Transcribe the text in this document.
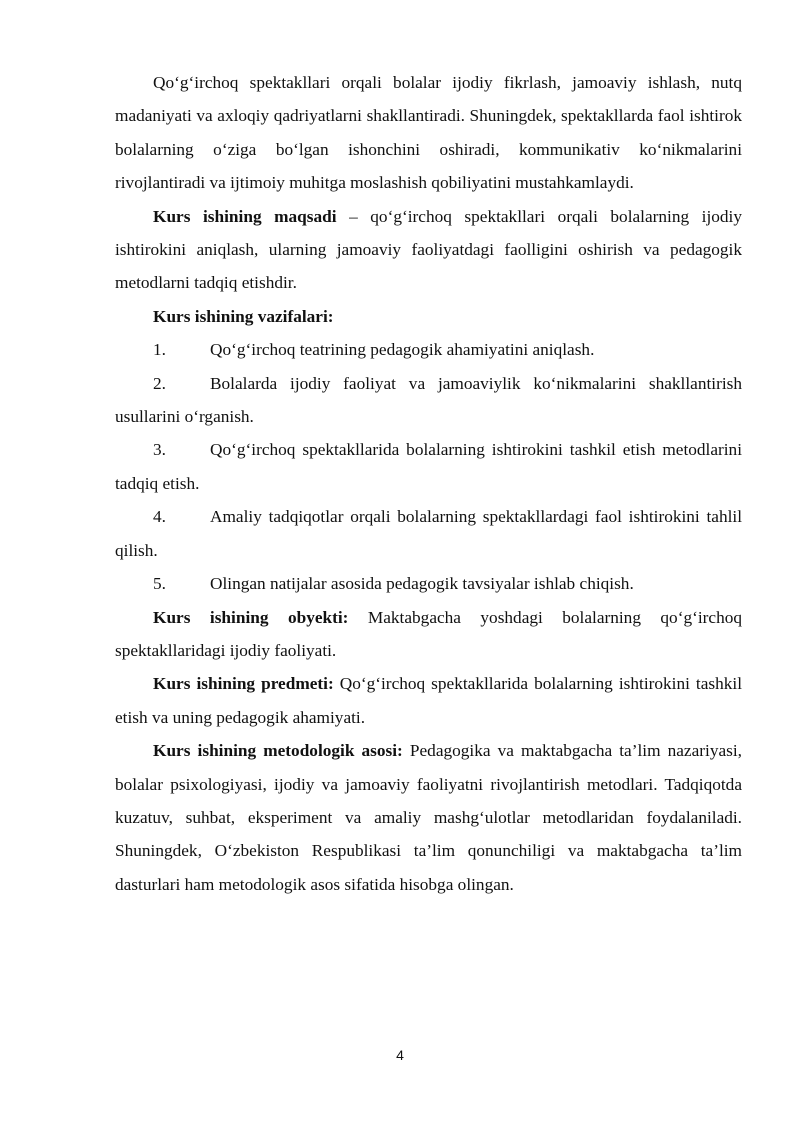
Qo‘g‘irchoq spektakllari orqali bolalar ijodiy fikrlash, jamoaviy ishlash, nutq madaniyati va axloqiy qadriyatlarni shakllantiradi. Shuningdek, spektakllarda faol ishtirok bolalarning o‘ziga bo‘lgan ishonchini oshiradi, kommunikativ ko‘nikmalarini rivojlantiradi va ijtimoiy muhitga moslashish qobiliyatini mustahkamlaydi.

Kurs ishining maqsadi – qo‘g‘irchoq spektakllari orqali bolalarning ijodiy ishtirokini aniqlash, ularning jamoaviy faoliyatdagi faolligini oshirish va pedagogik metodlarni tadqiq etishdir.

Kurs ishining vazifalari:

1.	Qo‘g‘irchoq teatrining pedagogik ahamiyatini aniqlash.

2.	Bolalarda ijodiy faoliyat va jamoaviylik ko‘nikmalarini shakllantirish usullarini o‘rganish.

3.	Qo‘g‘irchoq spektakllarida bolalarning ishtirokini tashkil etish metodlarini tadqiq etish.

4.	Amaliy tadqiqotlar orqali bolalarning spektakllardagi faol ishtirokini tahlil qilish.

5.	Olingan natijalar asosida pedagogik tavsiyalar ishlab chiqish.

Kurs ishining obyekti: Maktabgacha yoshdagi bolalarning qo‘g‘irchoq spektakllaridagi ijodiy faoliyati.

Kurs ishining predmeti: Qo‘g‘irchoq spektakllarida bolalarning ishtirokini tashkil etish va uning pedagogik ahamiyati.

Kurs ishining metodologik asosi: Pedagogika va maktabgacha ta’lim nazariyasi, bolalar psixologiyasi, ijodiy va jamoaviy faoliyatni rivojlantirish metodlari. Tadqiqotda kuzatuv, suhbat, eksperiment va amaliy mashg‘ulotlar metodlaridan foydalaniladi. Shuningdek, O‘zbekiston Respublikasi ta’lim qonunchiligi va maktabgacha ta’lim dasturlari ham metodologik asos sifatida hisobga olingan.

4
